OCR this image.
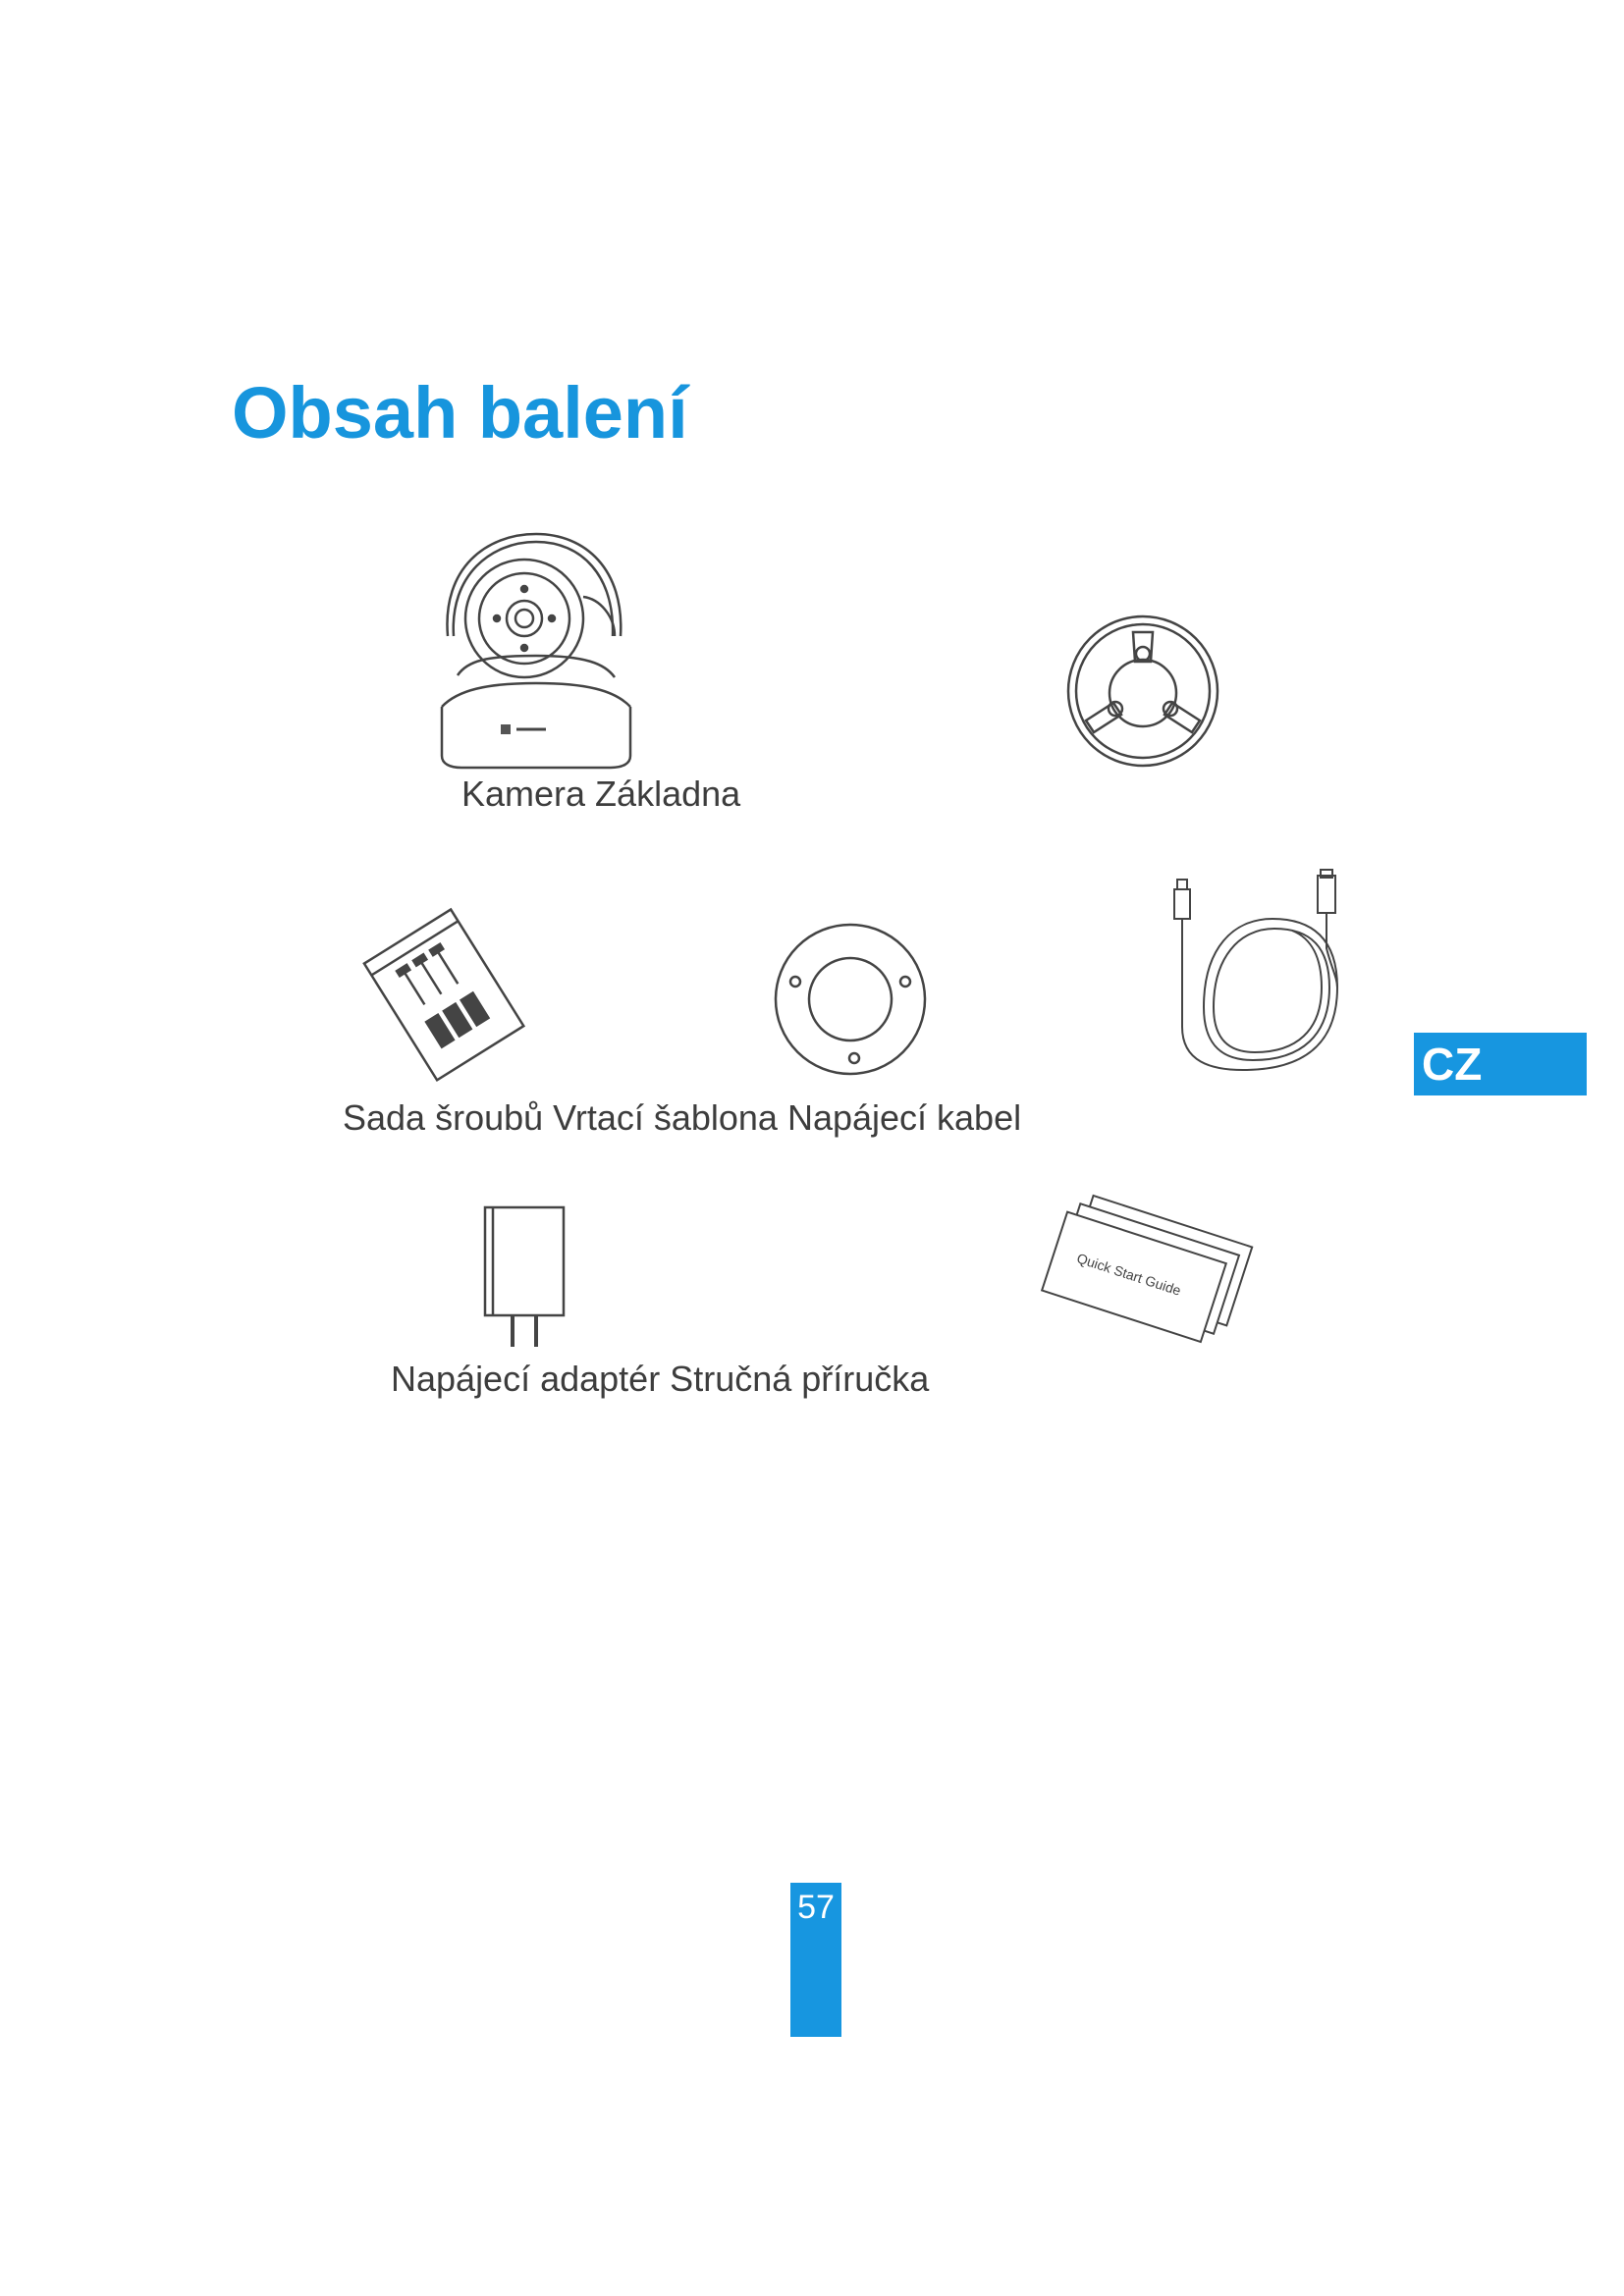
Obsah balení

Kamera Základna

Sada šroubů Vrtací šablona Napájecí kabel

Quick Start Guide

Napájecí adaptér Stručná příručka

CZ
57
